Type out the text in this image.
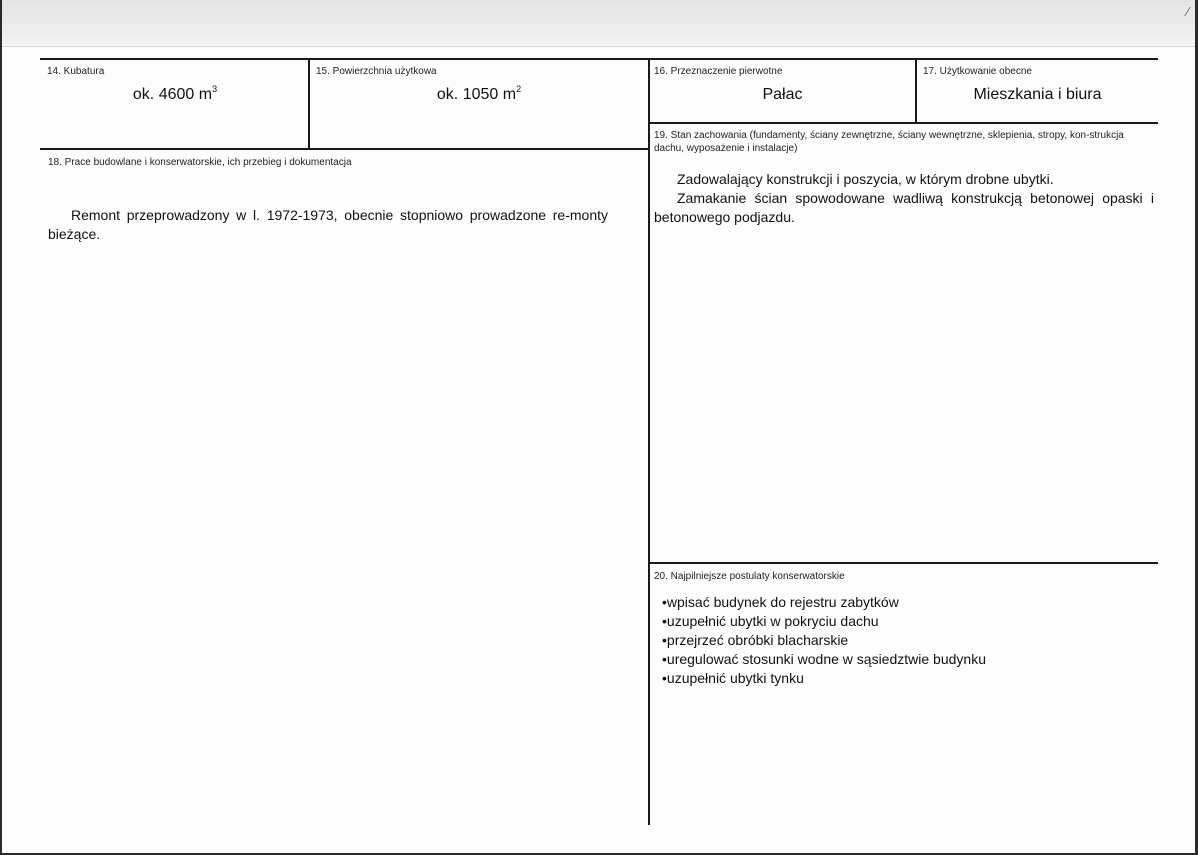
⁄
14. Kubatura
ok. 4600 $m^3$
15. Powierzchnia użytkowa
ok. 1050 $m^2$
16. Przeznaczenie pierwotne
Pałac
17. Użytkowanie obecne
Mieszkania i biura
18. Prace budowlane i konserwatorskie, ich przebieg i dokumentacja
Remont przeprowadzony w l. 1972-1973, obecnie stopniowo prowadzone re-monty bieżące.
19. Stan zachowania (fundamenty, ściany zewnętrzne, ściany wewnętrzne, sklepienia, stropy, kon-strukcja dachu, wyposażenie i instalacje)

Zadowalający konstrukcji i poszycia, w którym drobne ubytki.

Zamakanie ścian spowodowane wadliwą konstrukcją betonowej opaski i betonowego podjazdu.

20. Najpilniejsze postulaty konserwatorskie
•wpisać budynek do rejestru zabytków
•uzupełnić ubytki w pokryciu dachu
•przejrzeć obróbki blacharskie
•uregulować stosunki wodne w sąsiedztwie budynku
•uzupełnić ubytki tynku
